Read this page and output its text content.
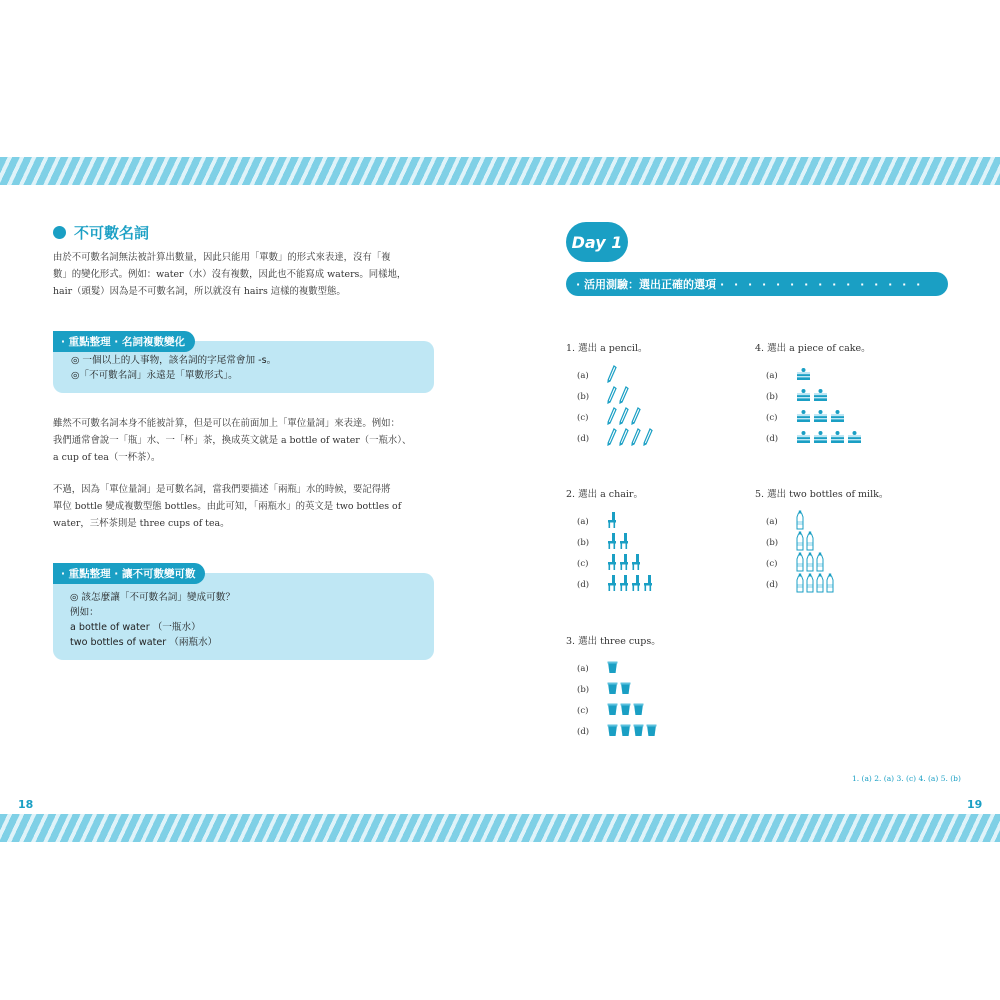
不可數名詞
由於不可數名詞無法被計算出數量，因此只能用「單數」的形式來表達，沒有「複
數」的變化形式。例如：water（水）沒有複數，因此也不能寫成 waters。同樣地，
hair（頭髮）因為是不可數名詞，所以就沒有 hairs 這樣的複數型態。
· 重點整理 · 名詞複數變化
◎ 一個以上的人事物，該名詞的字尾常會加 -s。
◎「不可數名詞」永遠是「單數形式」。
雖然不可數名詞本身不能被計算，但是可以在前面加上「單位量詞」來表達。例如：
我們通常會說一「瓶」水、一「杯」茶，換成英文就是 a bottle of water（一瓶水）、
a cup of tea（一杯茶）。
不過，因為「單位量詞」是可數名詞，當我們要描述「兩瓶」水的時候，要記得將
單位 bottle 變成複數型態 bottles。由此可知，「兩瓶水」的英文是 two bottles of
water，三杯茶則是 three cups of tea。
· 重點整理 · 讓不可數變可數
◎ 該怎麼讓「不可數名詞」變成可數？
例如：
a bottle of water （一瓶水）
two bottles of water （兩瓶水）
18
Day 1
· 活用測驗：選出正確的選項 · · · · · · · · · · · · · · ·
1. 選出 a pencil。
(a)
(b)
(c)
(d)
2. 選出 a chair。
(a)
(b)
(c)
(d)
3. 選出 three cups。
(a)
(b)
(c)
(d)
4. 選出 a piece of cake。
(a)
(b)
(c)
(d)
5. 選出 two bottles of milk。
(a)
(b)
(c)
(d)
1. (a) 2. (a) 3. (c) 4. (a) 5. (b)
19
